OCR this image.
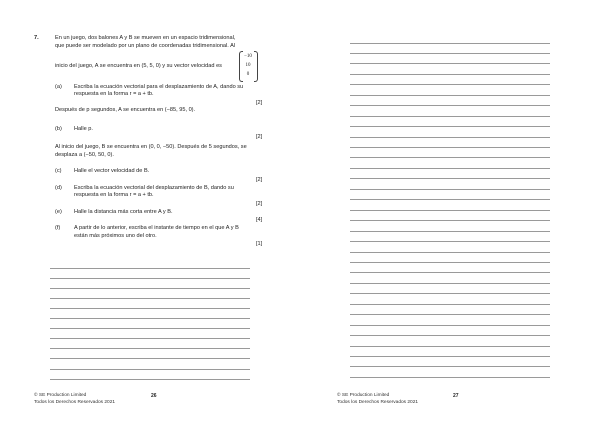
7.	En un juego, dos balones A y B se mueven en un espacio tridimensional,
que puede ser modelado por un plano de coordenadas tridimensional. Al
inicio del juego, A se encuentra en (5, 5, 0) y su vector velocidad es
−10
10
0
(a) Escriba la ecuación vectorial para el desplazamiento de A, dando su
respuesta en la forma r = a + tb.
[2]
Después de p segundos, A se encuentra en (−85, 95, 0).
(b) Halle p.
[2]
Al inicio del juego, B se encuentra en (0, 0, −50). Después de 5 segundos, se
desplaza a (−50, 50, 0).
(c) Halle el vector velocidad de B.
[2]
(d) Escriba la ecuación vectorial del desplazamiento de B, dando su
respuesta en la forma r = a + tb.
[2]
(e) Halle la distancia más corta entre A y B.
[4]
(f) A partir de lo anterior, escriba el instante de tiempo en el que A y B
están más próximos uno del otro.
[1]
© SE Production Limited
Todos los Derechos Reservados 2021
26	© SE Production Limited
Todos los Derechos Reservados 2021
27
